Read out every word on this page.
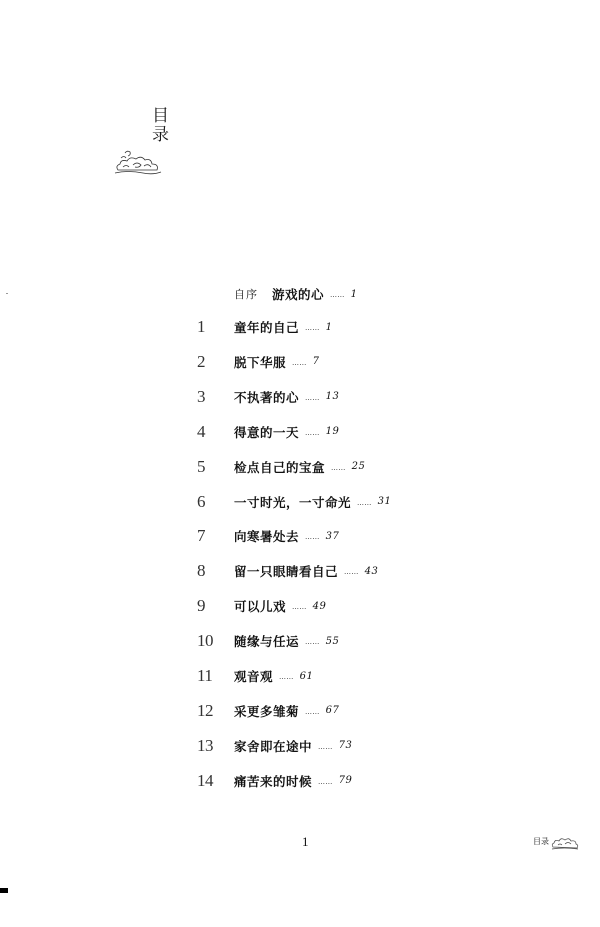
目录
自序 游戏的心 …… 1
1	童年的自己 …… 1
2	脱下华服 …… 7
3	不执著的心 …… 13
4	得意的一天 …… 19
5	检点自己的宝盒 …… 25
6	一寸时光，一寸命光 …… 31
7	向寒暑处去 …… 37
8	留一只眼睛看自己 …… 43
9	可以儿戏 …… 49
10	随缘与任运 …… 55
11	观音观 …… 61
12	采更多雏菊 …… 67
13	家舍即在途中 …… 73
14	痛苦来的时候 …… 79
1	目录
